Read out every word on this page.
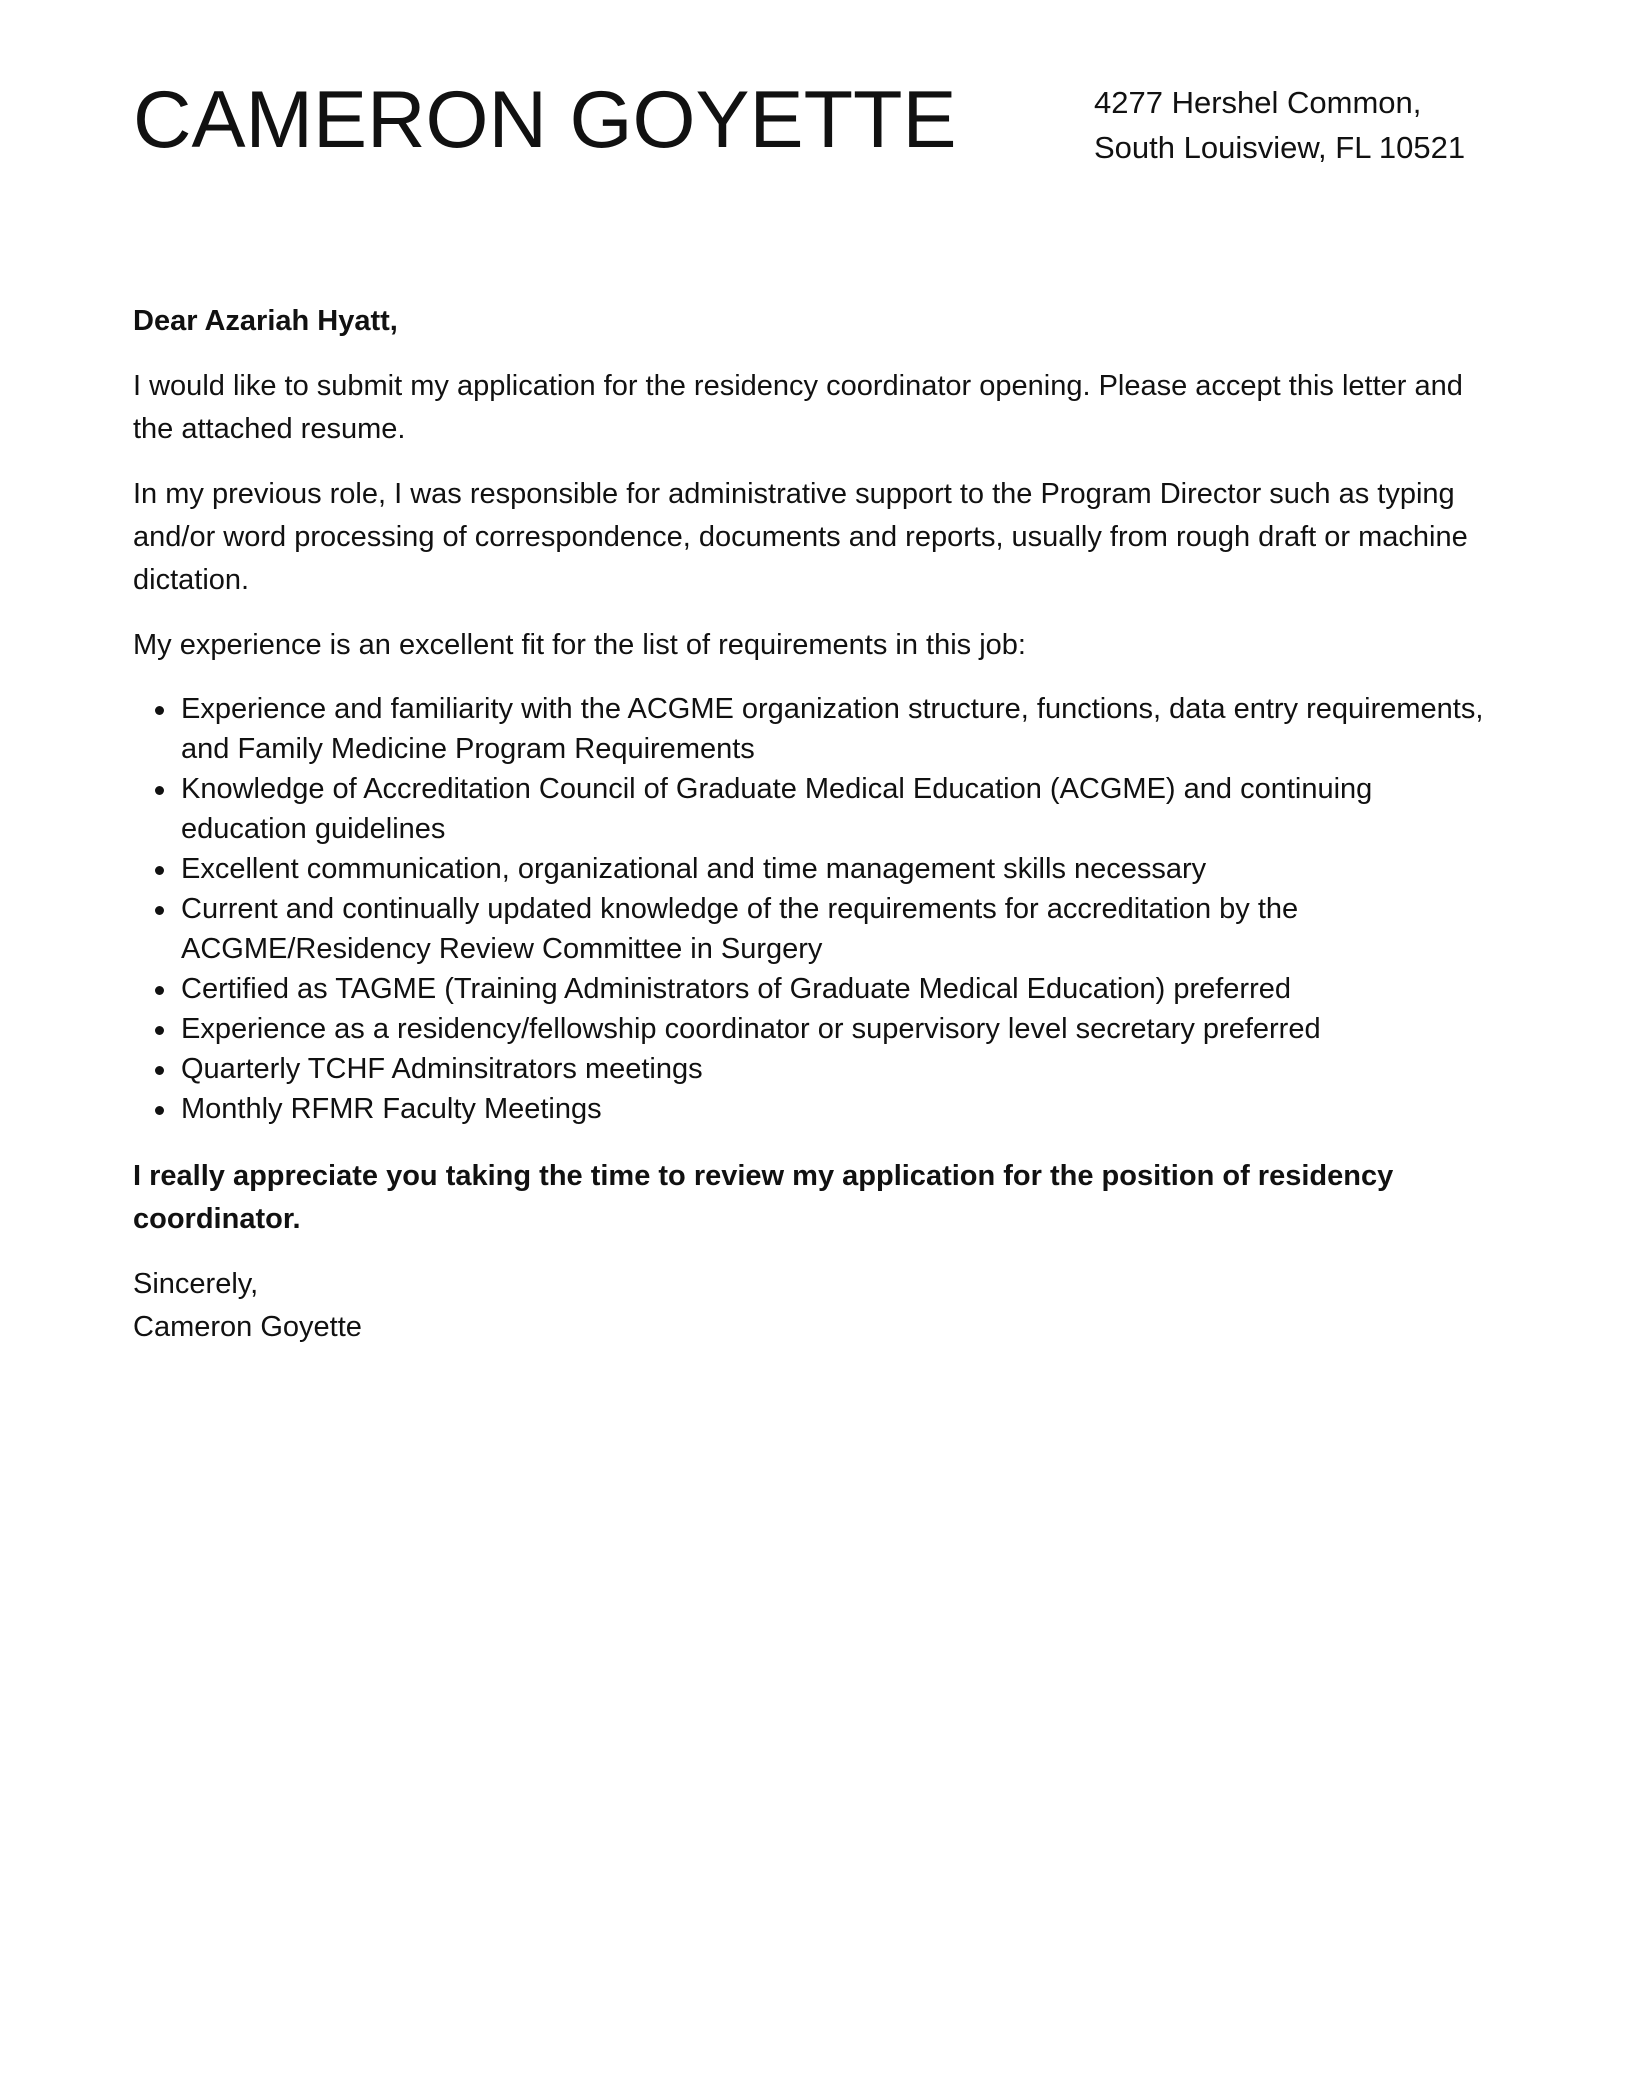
CAMERON GOYETTE	4277 Hershel Common,
South Louisview, FL 10521

Dear Azariah Hyatt,

I would like to submit my application for the residency coordinator opening. Please accept this letter and the attached resume.

In my previous role, I was responsible for administrative support to the Program Director such as typing and/or word processing of correspondence, documents and reports, usually from rough draft or machine dictation.

My experience is an excellent fit for the list of requirements in this job:

Experience and familiarity with the ACGME organization structure, functions, data entry requirements, and Family Medicine Program Requirements
Knowledge of Accreditation Council of Graduate Medical Education (ACGME) and continuing education guidelines
Excellent communication, organizational and time management skills necessary
Current and continually updated knowledge of the requirements for accreditation by the ACGME/Residency Review Committee in Surgery
Certified as TAGME (Training Administrators of Graduate Medical Education) preferred
Experience as a residency/fellowship coordinator or supervisory level secretary preferred
Quarterly TCHF Adminsitrators meetings
Monthly RFMR Faculty Meetings

I really appreciate you taking the time to review my application for the position of residency coordinator.

Sincerely,
Cameron Goyette
